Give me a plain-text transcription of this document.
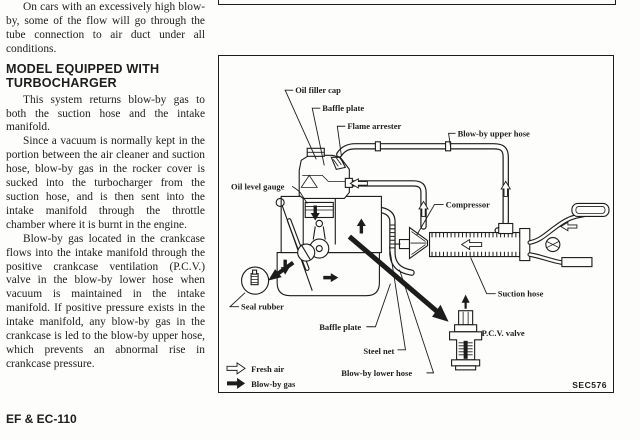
On cars with an excessively high blow-by, some of the flow will go through the tube connection to air duct under all conditions.

MODEL EQUIPPED WITH TURBOCHARGER

This system returns blow-by gas to both the suction hose and the intake manifold.

Since a vacuum is normally kept in the portion between the air cleaner and suction hose, blow-by gas in the rocker cover is sucked into the turbocharger from the suction hose, and is then sent into the intake manifold through the throttle chamber where it is burnt in the engine.

Blow-by gas located in the crankcase flows into the intake manifold through the positive crankcase ventilation (P.C.V.) valve in the blow-by lower hose when vacuum is maintained in the intake manifold. If positive pressure exists in the intake manifold, any blow-by gas in the crankcase is led to the blow-by upper hose, which prevents an abnormal rise in crankcase pressure.

EF & EC-110
Oil filler cap
Baffle plate
Flame arrester
Blow-by upper hose
Oil level gauge
Compressor
Suction hose
Seal rubber
Baffle plate
Steel net
Blow-by lower hose
P.C.V. valve
Fresh air
Blow-by gas	SEC576
